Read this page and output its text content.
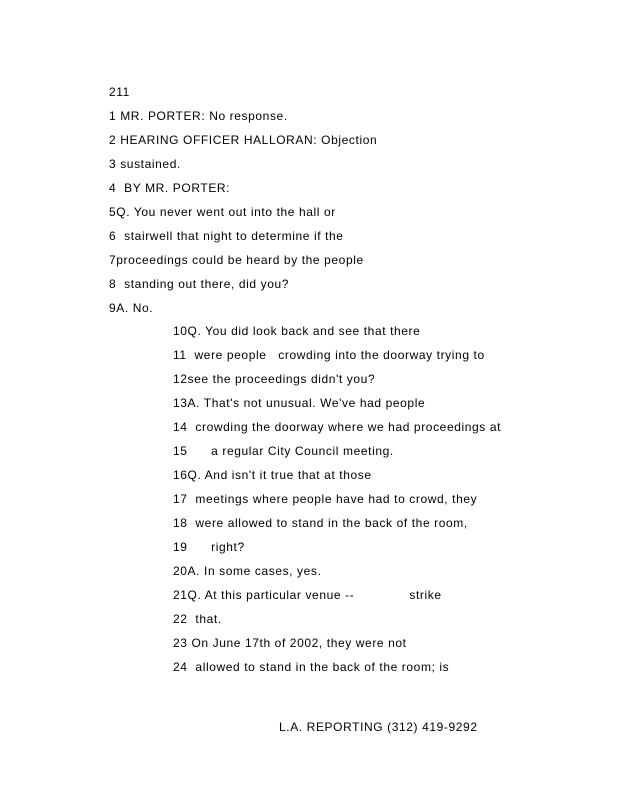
211
1 MR. PORTER: No response.
2 HEARING OFFICER HALLORAN: Objection
3 sustained.
4  BY MR. PORTER:
5Q. You never went out into the hall or
6  stairwell that night to determine if the
7proceedings could be heard by the people
8  standing out there, did you?
9A. No.
10Q. You did look back and see that there
11  were people   crowding into the doorway trying to
12see the proceedings didn't you?
13A. That's not unusual. We've had people
14  crowding the doorway where we had proceedings at
15      a regular City Council meeting.
16Q. And isn't it true that at those
17  meetings where people have had to crowd, they
18  were allowed to stand in the back of the room,
19      right?
20A. In some cases, yes.
21Q. At this particular venue --              strike
22  that.
23 On June 17th of 2002, they were not
24  allowed to stand in the back of the room; is
L.A. REPORTING (312) 419-9292
